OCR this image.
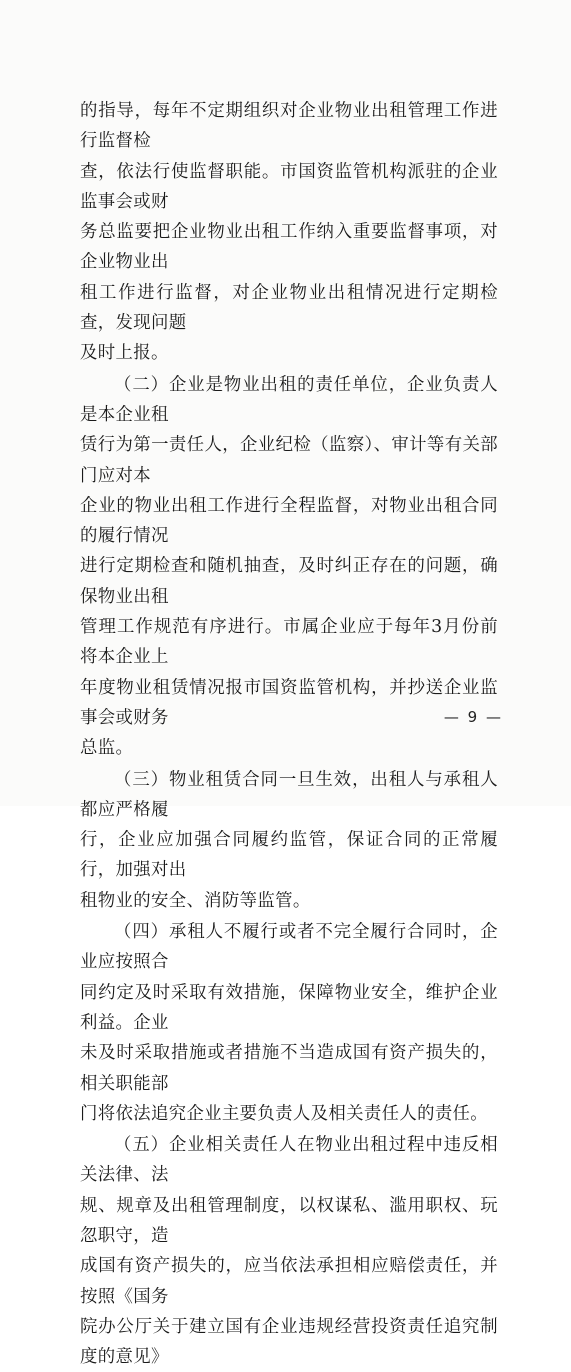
的指导，每年不定期组织对企业物业出租管理工作进行监督检
查，依法行使监督职能。市国资监管机构派驻的企业监事会或财
务总监要把企业物业出租工作纳入重要监督事项，对企业物业出
租工作进行监督，对企业物业出租情况进行定期检查，发现问题
及时上报。
（二）企业是物业出租的责任单位，企业负责人是本企业租
赁行为第一责任人，企业纪检（监察）、审计等有关部门应对本
企业的物业出租工作进行全程监督，对物业出租合同的履行情况
进行定期检查和随机抽查，及时纠正存在的问题，确保物业出租
管理工作规范有序进行。市属企业应于每年3月份前将本企业上
年度物业租赁情况报市国资监管机构，并抄送企业监事会或财务
总监。
（三）物业租赁合同一旦生效，出租人与承租人都应严格履
行，企业应加强合同履约监管，保证合同的正常履行，加强对出
租物业的安全、消防等监管。
（四）承租人不履行或者不完全履行合同时，企业应按照合
同约定及时采取有效措施，保障物业安全，维护企业利益。企业
未及时采取措施或者措施不当造成国有资产损失的，相关职能部
门将依法追究企业主要负责人及相关责任人的责任。
（五）企业相关责任人在物业出租过程中违反相关法律、法
规、规章及出租管理制度，以权谋私、滥用职权、玩忽职守，造
成国有资产损失的，应当依法承担相应赔偿责任，并按照《国务
院办公厅关于建立国有企业违规经营投资责任追究制度的意见》
— 9 —
